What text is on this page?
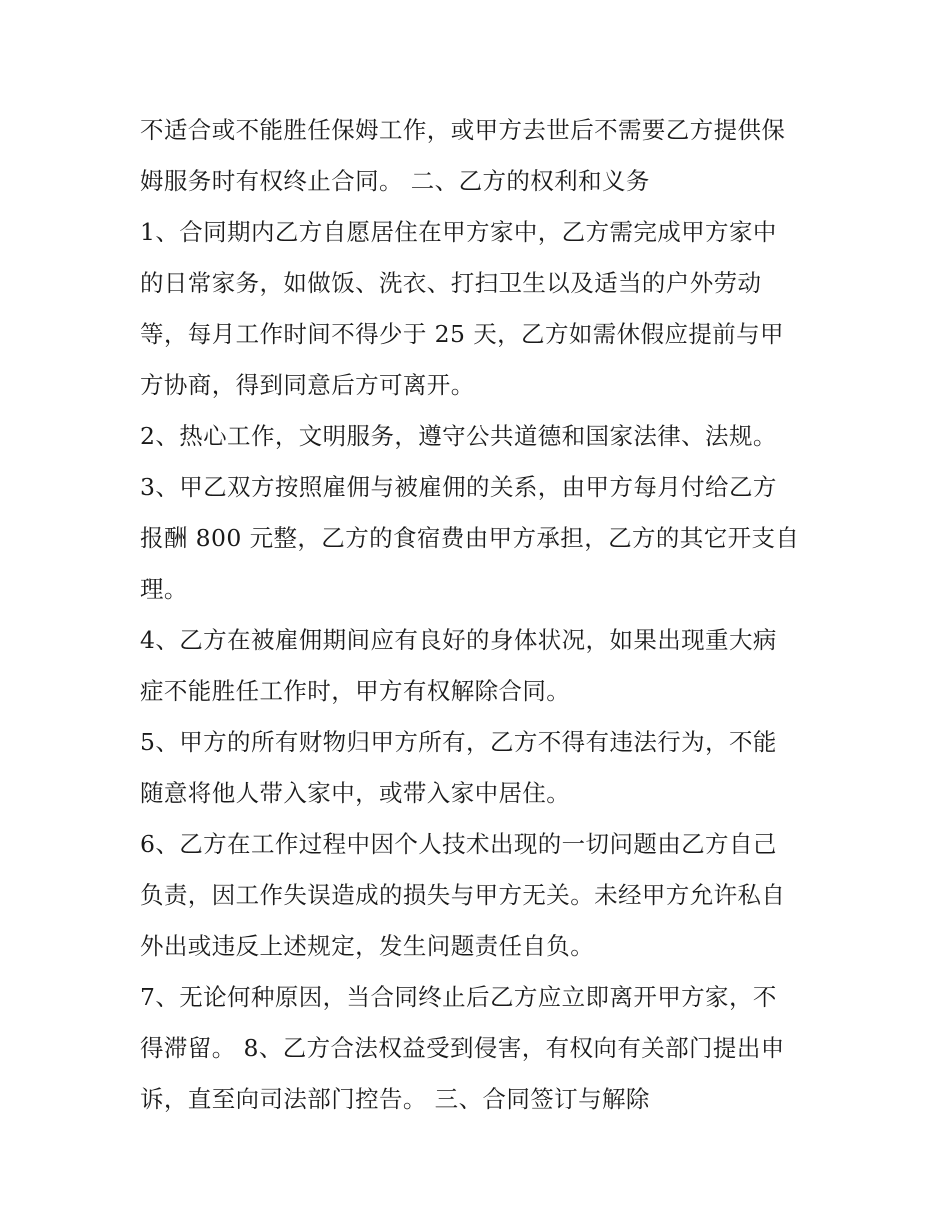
不适合或不能胜任保姆工作，或甲方去世后不需要乙方提供保

姆服务时有权终止合同。 二、乙方的权利和义务

1、合同期内乙方自愿居住在甲方家中，乙方需完成甲方家中

的日常家务，如做饭、洗衣、打扫卫生以及适当的户外劳动

等，每月工作时间不得少于 25 天，乙方如需休假应提前与甲

方协商，得到同意后方可离开。

2、热心工作，文明服务，遵守公共道德和国家法律、法规。

3、甲乙双方按照雇佣与被雇佣的关系，由甲方每月付给乙方

报酬 800 元整，乙方的食宿费由甲方承担，乙方的其它开支自

理。

4、乙方在被雇佣期间应有良好的身体状况，如果出现重大病

症不能胜任工作时，甲方有权解除合同。

5、甲方的所有财物归甲方所有，乙方不得有违法行为，不能

随意将他人带入家中，或带入家中居住。

6、乙方在工作过程中因个人技术出现的一切问题由乙方自己

负责，因工作失误造成的损失与甲方无关。未经甲方允许私自

外出或违反上述规定，发生问题责任自负。

7、无论何种原因，当合同终止后乙方应立即离开甲方家，不

得滞留。 8、乙方合法权益受到侵害，有权向有关部门提出申

诉，直至向司法部门控告。 三、合同签订与解除
